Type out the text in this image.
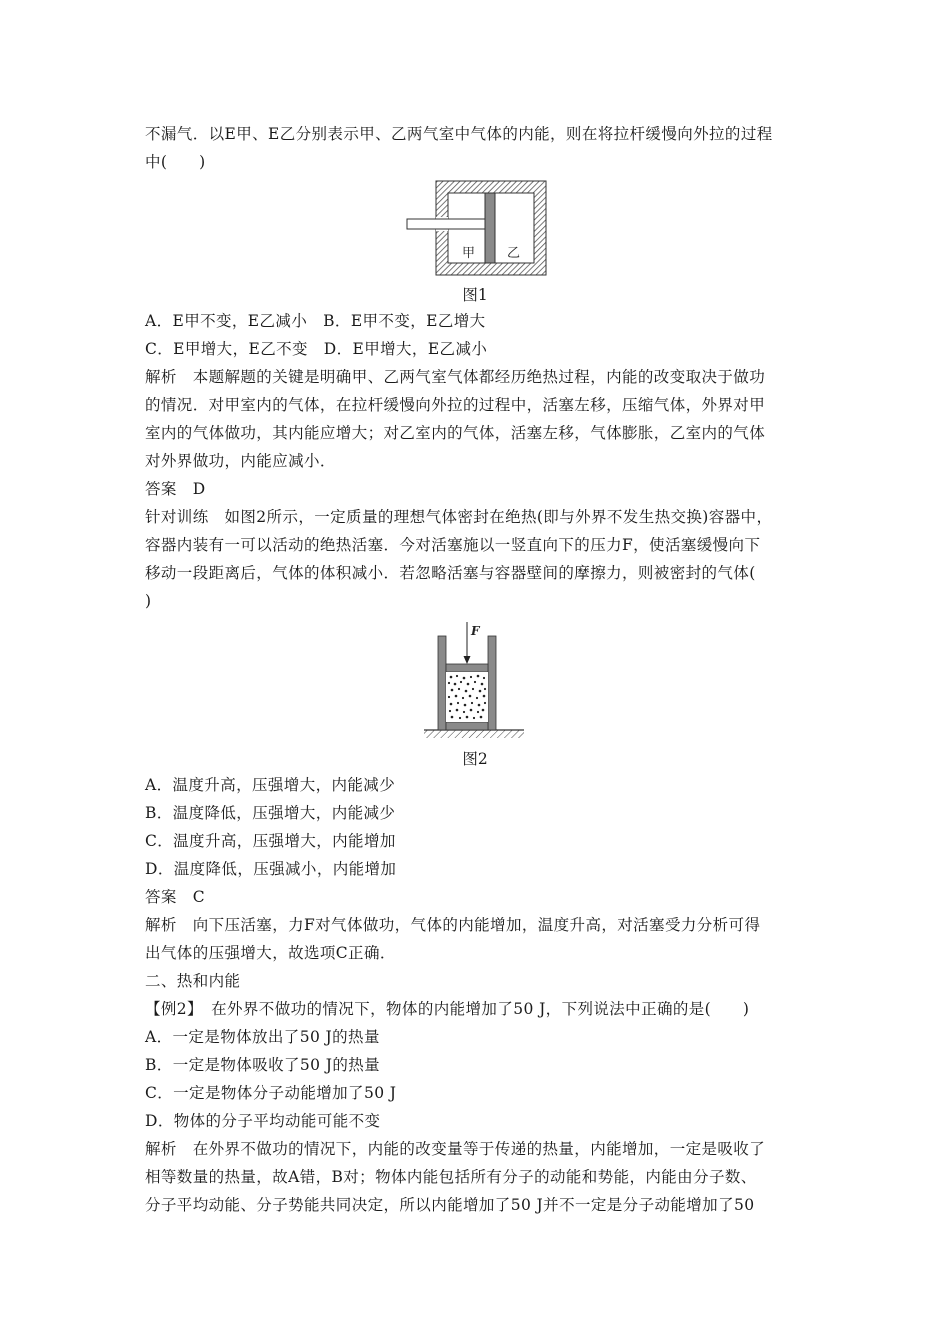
不漏气．以E甲、E乙分别表示甲、乙两气室中气体的内能，则在将拉杆缓慢向外拉的过程
中(　　)
甲 乙
图1
A．E甲不变，E乙减小　B．E甲不变，E乙增大
C．E甲增大，E乙不变　D．E甲增大，E乙减小
解析　本题解题的关键是明确甲、乙两气室气体都经历绝热过程，内能的改变取决于做功
的情况．对甲室内的气体，在拉杆缓慢向外拉的过程中，活塞左移，压缩气体，外界对甲
室内的气体做功，其内能应增大；对乙室内的气体，活塞左移，气体膨胀，乙室内的气体
对外界做功，内能应减小．
答案　D
针对训练　如图2所示，一定质量的理想气体密封在绝热(即与外界不发生热交换)容器中，
容器内装有一可以活动的绝热活塞．今对活塞施以一竖直向下的压力F，使活塞缓慢向下
移动一段距离后，气体的体积减小．若忽略活塞与容器壁间的摩擦力，则被密封的气体(
)
F
图2
A．温度升高，压强增大，内能减少
B．温度降低，压强增大，内能减少
C．温度升高，压强增大，内能增加
D．温度降低，压强减小，内能增加
答案　C
解析　向下压活塞，力F对气体做功，气体的内能增加，温度升高，对活塞受力分析可得
出气体的压强增大，故选项C正确．
二、热和内能
【例2】　在外界不做功的情况下，物体的内能增加了50 J，下列说法中正确的是(　　)
A．一定是物体放出了50 J的热量
B．一定是物体吸收了50 J的热量
C．一定是物体分子动能增加了50 J
D．物体的分子平均动能可能不变
解析　在外界不做功的情况下，内能的改变量等于传递的热量，内能增加，一定是吸收了
相等数量的热量，故A错，B对；物体内能包括所有分子的动能和势能，内能由分子数、
分子平均动能、分子势能共同决定，所以内能增加了50 J并不一定是分子动能增加了50
